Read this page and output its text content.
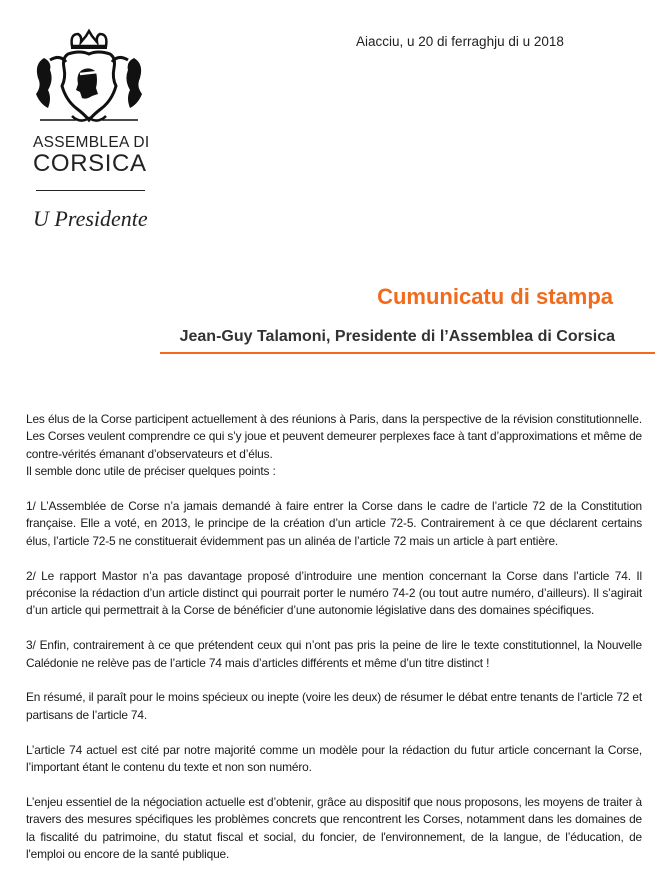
ASSEMBLEA DI
CORSICA
U Presidente
Aiacciu, u 20 di ferraghju di u 2018
Cumunicatu di stampa
Jean-Guy Talamoni, Presidente di l’Assemblea di Corsica

Les élus de la Corse participent actuellement à des réunions à Paris, dans la perspective de la révision constitutionnelle. Les Corses veulent comprendre ce qui s’y joue et peuvent demeurer perplexes face à tant d’approximations et même de contre-vérités émanant d’observateurs et d’élus.

Il semble donc utile de préciser quelques points :

1/ L’Assemblée de Corse n’a jamais demandé à faire entrer la Corse dans le cadre de l’article 72 de la Constitution française. Elle a voté, en 2013, le principe de la création d’un article 72-5. Contrairement à ce que déclarent certains élus, l’article 72-5 ne constituerait évidemment pas un alinéa de l’article 72 mais un article à part entière.

2/ Le rapport Mastor n’a pas davantage proposé d’introduire une mention concernant la Corse dans l’article 74. Il préconise la rédaction d’un article distinct qui pourrait porter le numéro 74-2 (ou tout autre numéro, d’ailleurs). Il s’agirait d’un article qui permettrait à la Corse de bénéficier d’une autonomie législative dans des domaines spécifiques.

3/ Enfin, contrairement à ce que prétendent ceux qui n’ont pas pris la peine de lire le texte constitutionnel, la Nouvelle Calédonie ne relève pas de l’article 74 mais d’articles différents et même d’un titre distinct !

En résumé, il paraît pour le moins spécieux ou inepte (voire les deux) de résumer le débat entre tenants de l’article 72 et partisans de l’article 74.

L’article 74 actuel est cité par notre majorité comme un modèle pour la rédaction du futur article concernant la Corse, l’important étant le contenu du texte et non son numéro.

L’enjeu essentiel de la négociation actuelle est d’obtenir, grâce au dispositif que nous proposons, les moyens de traiter à travers des mesures spécifiques les problèmes concrets que rencontrent les Corses, notamment dans les domaines de la fiscalité du patrimoine, du statut fiscal et social, du foncier, de l'environnement, de la langue, de l’éducation, de l'emploi ou encore de la santé publique.
